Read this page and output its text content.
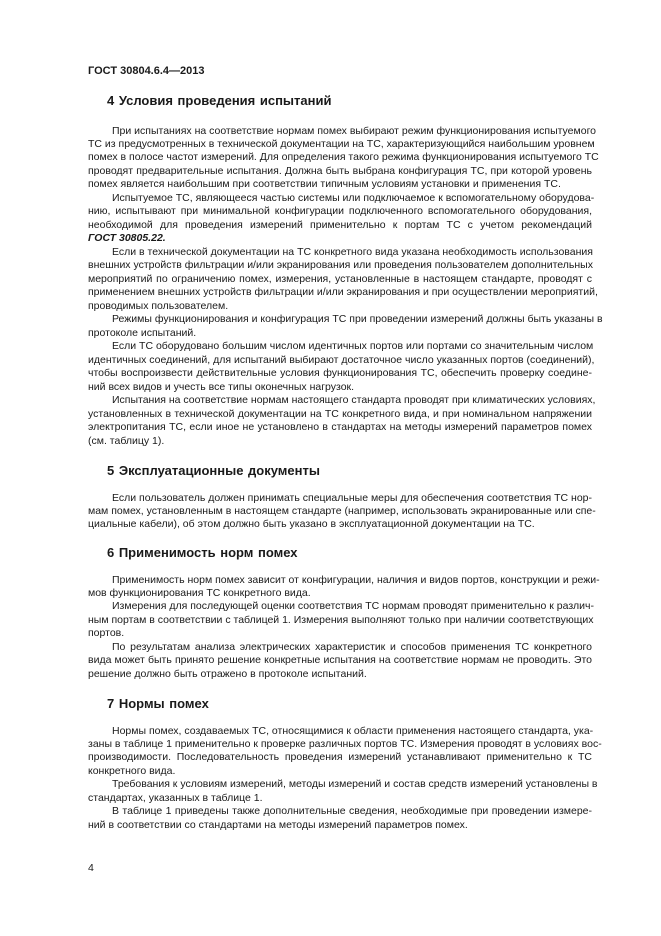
ГОСТ 30804.6.4—2013
4 Условия проведения испытаний
При испытаниях на соответствие нормам помех выбирают режим функционирования испытуемого
ТС из предусмотренных в технической документации на ТС, характеризующийся наибольшим уровнем
помех в полосе частот измерений. Для определения такого режима функционирования испытуемого ТС
проводят предварительные испытания. Должна быть выбрана конфигурация ТС, при которой уровень
помех является наибольшим при соответствии типичным условиям установки и применения ТС.
Испытуемое ТС, являющееся частью системы или подключаемое к вспомогательному оборудова-
нию, испытывают при минимальной конфигурации подключенного вспомогательного оборудования,
необходимой для проведения измерений применительно к портам ТС с учетом рекомендаций
ГОСТ 30805.22.
Если в технической документации на ТС конкретного вида указана необходимость использования
внешних устройств фильтрации и/или экранирования или проведения пользователем дополнительных
мероприятий по ограничению помех, измерения, установленные в настоящем стандарте, проводят с
применением внешних устройств фильтрации и/или экранирования и при осуществлении мероприятий,
проводимых пользователем.
Режимы функционирования и конфигурация ТС при проведении измерений должны быть указаны в
протоколе испытаний.
Если ТС оборудовано большим числом идентичных портов или портами со значительным числом
идентичных соединений, для испытаний выбирают достаточное число указанных портов (соединений),
чтобы воспроизвести действительные условия функционирования ТС, обеспечить проверку соедине-
ний всех видов и учесть все типы оконечных нагрузок.
Испытания на соответствие нормам настоящего стандарта проводят при климатических условиях,
установленных в технической документации на ТС конкретного вида, и при номинальном напряжении
электропитания ТС, если иное не установлено в стандартах на методы измерений параметров помех
(см. таблицу 1).
5 Эксплуатационные документы
Если пользователь должен принимать специальные меры для обеспечения соответствия ТС нор-
мам помех, установленным в настоящем стандарте (например, использовать экранированные или спе-
циальные кабели), об этом должно быть указано в эксплуатационной документации на ТС.
6 Применимость норм помех
Применимость норм помех зависит от конфигурации, наличия и видов портов, конструкции и режи-
мов функционирования ТС конкретного вида.
Измерения для последующей оценки соответствия ТС нормам проводят применительно к различ-
ным портам в соответствии с таблицей 1. Измерения выполняют только при наличии соответствующих
портов.
По результатам анализа электрических характеристик и способов применения ТС конкретного
вида может быть принято решение конкретные испытания на соответствие нормам не проводить. Это
решение должно быть отражено в протоколе испытаний.
7 Нормы помех
Нормы помех, создаваемых ТС, относящимися к области применения настоящего стандарта, ука-
заны в таблице 1 применительно к проверке различных портов ТС. Измерения проводят в условиях вос-
производимости. Последовательность проведения измерений устанавливают применительно к ТС
конкретного вида.
Требования к условиям измерений, методы измерений и состав средств измерений установлены в
стандартах, указанных в таблице 1.
В таблице 1 приведены также дополнительные сведения, необходимые при проведении измере-
ний в соответствии со стандартами на методы измерений параметров помех.
4
